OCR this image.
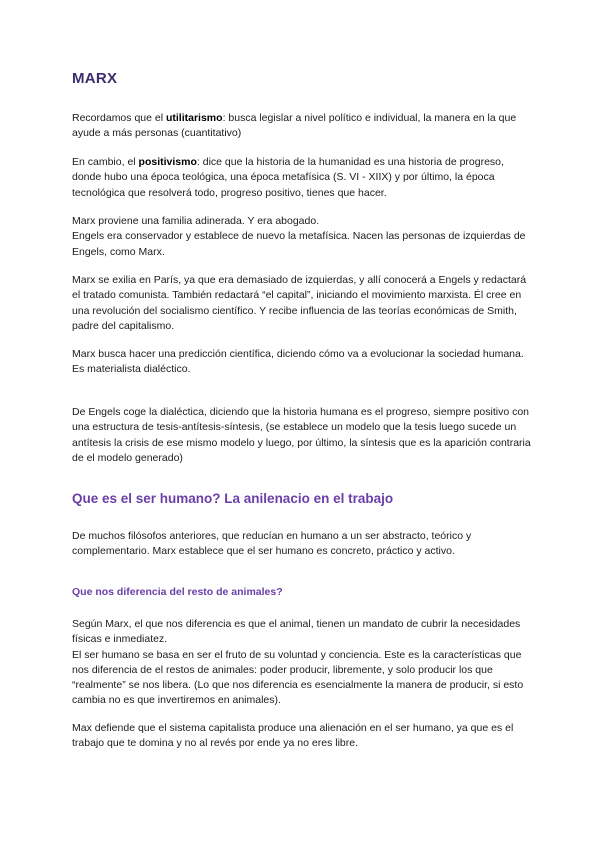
MARX

Recordamos que el utilitarismo: busca legislar a nivel político e individual, la manera en la que ayude a más personas (cuantitativo)

En cambio, el positivismo: dice que la historia de la humanidad es una historia de progreso, donde hubo una época teológica, una época metafísica (S. VI - XIIX) y por último, la época tecnológica que resolverá todo, progreso positivo, tienes que hacer.

Marx proviene una familia adinerada. Y era abogado.
Engels era conservador y establece de nuevo la metafísica. Nacen las personas de izquierdas de Engels, como Marx.

Marx se exilia en París, ya que era demasiado de izquierdas, y allí conocerá a Engels y redactará el tratado comunista. También redactará “el capital”, iniciando el movimiento marxista. Él cree en una revolución del socialismo científico. Y recibe influencia de las teorías económicas de Smith, padre del capitalismo.

Marx busca hacer una predicción científica, diciendo cómo va a evolucionar la sociedad humana.
Es materialista dialéctico.

De Engels coge la dialéctica, diciendo que la historia humana es el progreso, siempre positivo con una estructura de tesis-antítesis-síntesis, (se establece un modelo que la tesis luego sucede un antítesis la crisis de ese mismo modelo y luego, por último, la síntesis que es la aparición contraria de el modelo generado)

Que es el ser humano? La anilenacio en el trabajo

De muchos filósofos anteriores, que reducían en humano a un ser abstracto, teórico y complementario. Marx establece que el ser humano es concreto, práctico y activo.

Que nos diferencia del resto de animales?

Según Marx, el que nos diferencia es que el animal, tienen un mandato de cubrir la necesidades físicas e inmediatez.
El ser humano se basa en ser el fruto de su voluntad y conciencia. Este es la características que nos diferencia de el restos de animales: poder producir, libremente, y solo producir los que “realmente” se nos libera. (Lo que nos diferencia es esencialmente la manera de producir, si esto cambia no es que invertiremos en animales).

Max defiende que el sistema capitalista produce una alienación en el ser humano, ya que es el trabajo que te domina y no al revés por ende ya no eres libre.
